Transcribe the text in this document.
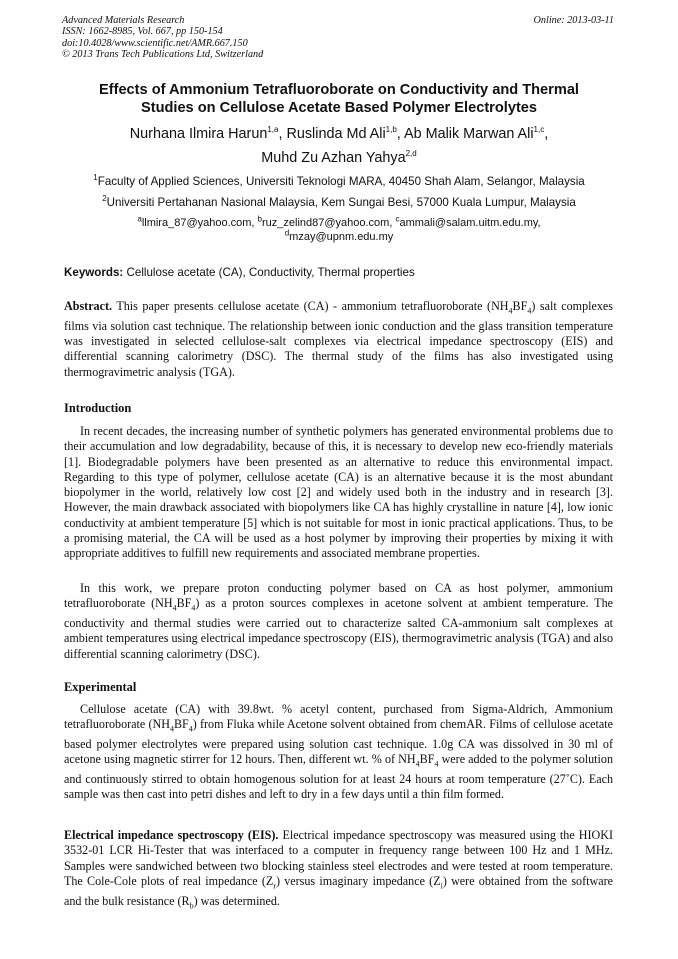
Advanced Materials Research
ISSN: 1662-8985, Vol. 667, pp 150-154
doi:10.4028/www.scientific.net/AMR.667.150
© 2013 Trans Tech Publications Ltd, Switzerland
Online: 2013-03-11
Effects of Ammonium Tetrafluoroborate on Conductivity and Thermal
Studies on Cellulose Acetate Based Polymer Electrolytes
Nurhana Ilmira Harun$^{1,a}$, Ruslinda Md Ali$^{1,b}$, Ab Malik Marwan Ali$^{1,c}$,
Muhd Zu Azhan Yahya$^{2,d}$
$^1$Faculty of Applied Sciences, Universiti Teknologi MARA, 40450 Shah Alam, Selangor, Malaysia
$^2$Universiti Pertahanan Nasional Malaysia, Kem Sungai Besi, 57000 Kuala Lumpur, Malaysia
$^a$llmira_87@yahoo.com, $^b$ruz_zelind87@yahoo.com, $^c$ammali@salam.uitm.edu.my,
$^d$mzay@upnm.edu.my
Keywords: Cellulose acetate (CA), Conductivity, Thermal properties
Abstract. This paper presents cellulose acetate (CA) - ammonium tetrafluoroborate $(NH_4BF_4)$ salt complexes films via solution cast technique. The relationship between ionic conduction and the glass transition temperature was investigated in selected cellulose-salt complexes via electrical impedance spectroscopy (EIS) and differential scanning calorimetry (DSC). The thermal study of the films has also investigated using thermogravimetric analysis (TGA).
Introduction
In recent decades, the increasing number of synthetic polymers has generated environmental problems due to their accumulation and low degradability, because of this, it is necessary to develop new eco-friendly materials [1]. Biodegradable polymers have been presented as an alternative to reduce this environmental impact. Regarding to this type of polymer, cellulose acetate (CA) is an alternative because it is the most abundant biopolymer in the world, relatively low cost [2] and widely used both in the industry and in research [3]. However, the main drawback associated with biopolymers like CA has highly crystalline in nature [4], low ionic conductivity at ambient temperature [5] which is not suitable for most in ionic practical applications. Thus, to be a promising material, the CA will be used as a host polymer by improving their properties by mixing it with appropriate additives to fulfill new requirements and associated membrane properties.
In this work, we prepare proton conducting polymer based on CA as host polymer, ammonium tetrafluoroborate $(NH_4BF_4)$ as a proton sources complexes in acetone solvent at ambient temperature. The conductivity and thermal studies were carried out to characterize salted CA-ammonium salt complexes at ambient temperatures using electrical impedance spectroscopy (EIS), thermogravimetric analysis (TGA) and also differential scanning calorimetry (DSC).
Experimental
Cellulose acetate (CA) with 39.8wt. % acetyl content, purchased from Sigma-Aldrich, Ammonium tetrafluoroborate $(NH_4BF_4)$ from Fluka while Acetone solvent obtained from chemAR. Films of cellulose acetate based polymer electrolytes were prepared using solution cast technique. 1.0g CA was dissolved in 30 ml of acetone using magnetic stirrer for 12 hours. Then, different wt. % of $NH_4BF_4$ were added to the polymer solution and continuously stirred to obtain homogenous solution for at least 24 hours at room temperature (27˚C). Each sample was then cast into petri dishes and left to dry in a few days until a thin film formed.
Electrical impedance spectroscopy (EIS). Electrical impedance spectroscopy was measured using the HIOKI 3532-01 LCR Hi-Tester that was interfaced to a computer in frequency range between 100 Hz and 1 MHz. Samples were sandwiched between two blocking stainless steel electrodes and were tested at room temperature. The Cole-Cole plots of real impedance $(Z_r)$ versus imaginary impedance $(Z_i)$ were obtained from the software and the bulk resistance $(R_b)$ was determined.
